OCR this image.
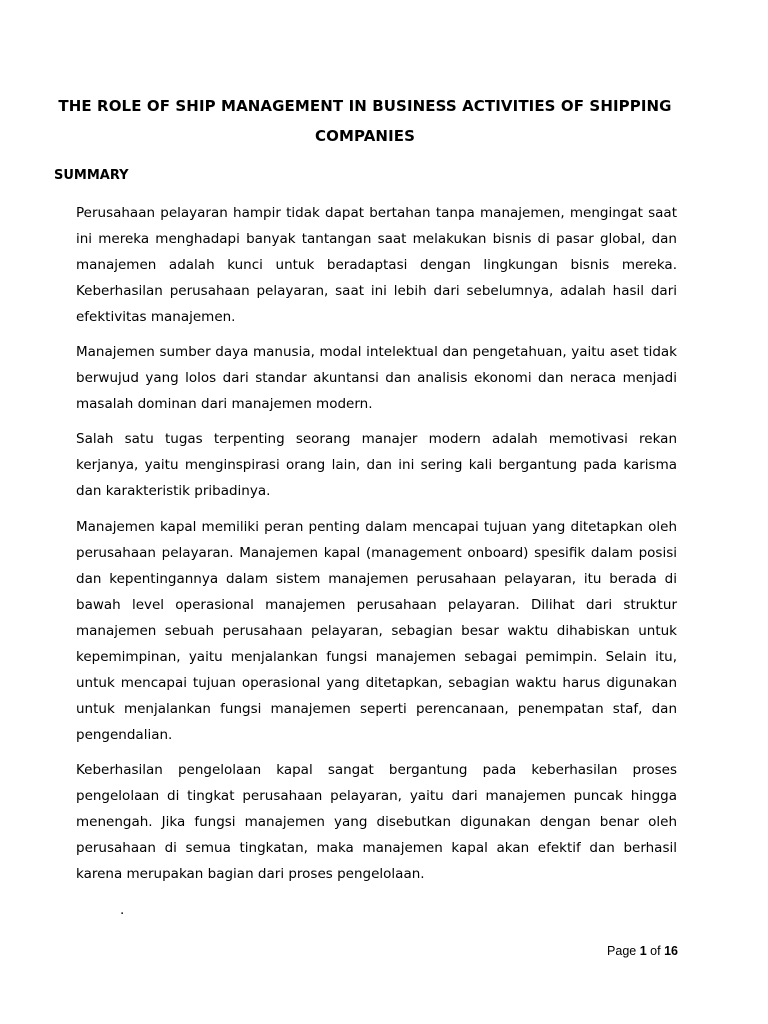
THE ROLE OF SHIP MANAGEMENT IN BUSINESS ACTIVITIES OF SHIPPING COMPANIES
SUMMARY

Perusahaan pelayaran hampir tidak dapat bertahan tanpa manajemen, mengingat saat ini mereka menghadapi banyak tantangan saat melakukan bisnis di pasar global, dan manajemen adalah kunci untuk beradaptasi dengan lingkungan bisnis mereka. Keberhasilan perusahaan pelayaran, saat ini lebih dari sebelumnya, adalah hasil dari efektivitas manajemen.

Manajemen sumber daya manusia, modal intelektual dan pengetahuan, yaitu aset tidak berwujud yang lolos dari standar akuntansi dan analisis ekonomi dan neraca menjadi masalah dominan dari manajemen modern.

Salah satu tugas terpenting seorang manajer modern adalah memotivasi rekan kerjanya, yaitu menginspirasi orang lain, dan ini sering kali bergantung pada karisma dan karakteristik pribadinya.

Manajemen kapal memiliki peran penting dalam mencapai tujuan yang ditetapkan oleh perusahaan pelayaran. Manajemen kapal (management onboard) spesifik dalam posisi dan kepentingannya dalam sistem manajemen perusahaan pelayaran, itu berada di bawah level operasional manajemen perusahaan pelayaran. Dilihat dari struktur manajemen sebuah perusahaan pelayaran, sebagian besar waktu dihabiskan untuk kepemimpinan, yaitu menjalankan fungsi manajemen sebagai pemimpin. Selain itu, untuk mencapai tujuan operasional yang ditetapkan, sebagian waktu harus digunakan untuk menjalankan fungsi manajemen seperti perencanaan, penempatan staf, dan pengendalian.

Keberhasilan pengelolaan kapal sangat bergantung pada keberhasilan proses pengelolaan di tingkat perusahaan pelayaran, yaitu dari manajemen puncak hingga menengah. Jika fungsi manajemen yang disebutkan digunakan dengan benar oleh perusahaan di semua tingkatan, maka manajemen kapal akan efektif dan berhasil karena merupakan bagian dari proses pengelolaan.

.
Page 1 of 16
